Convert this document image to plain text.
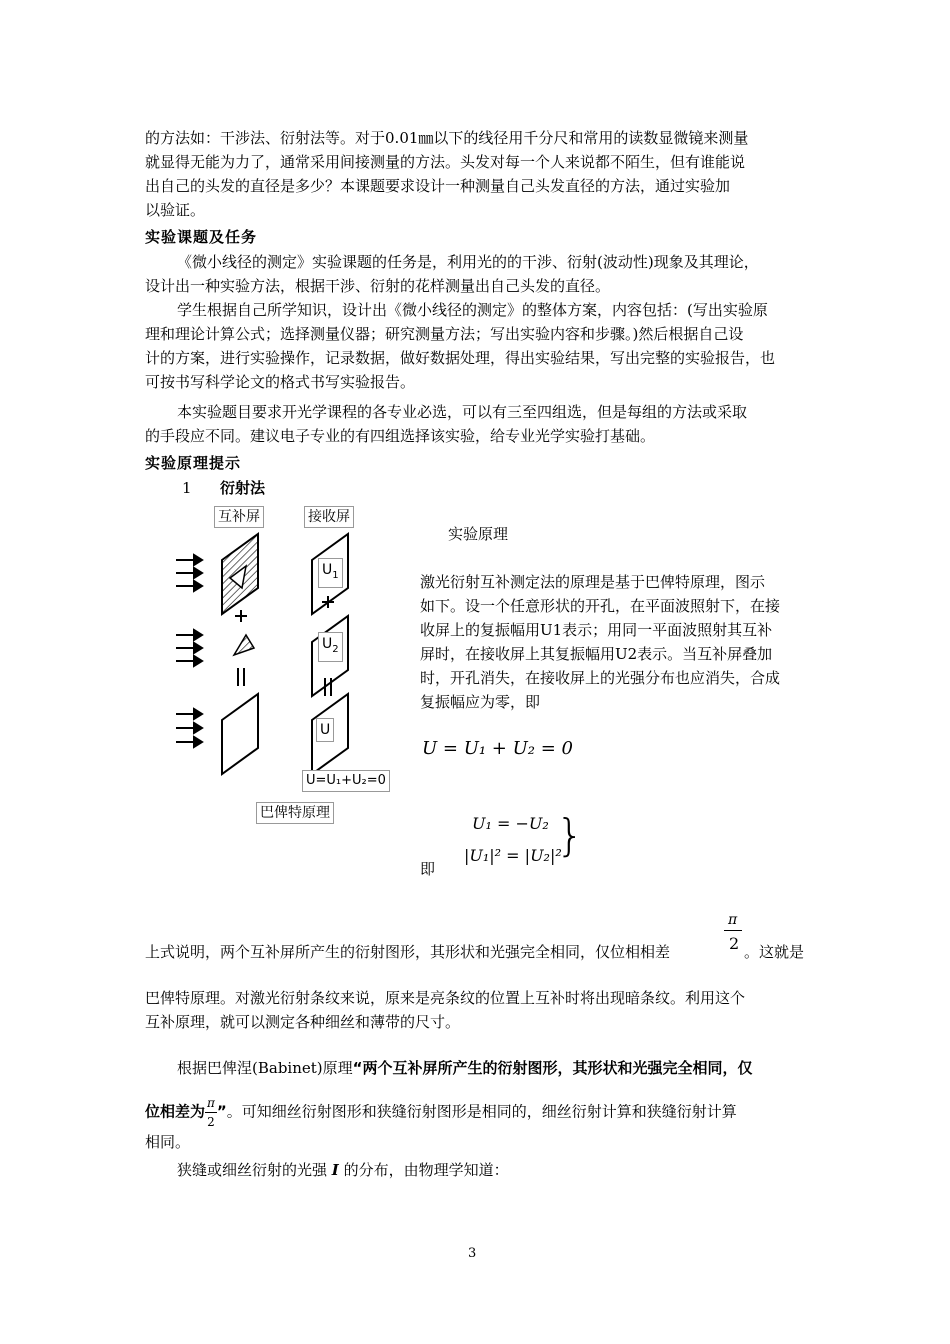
的方法如：干涉法、衍射法等。对于0.01㎜以下的线径用千分尺和常用的读数显微镜来测量
就显得无能为力了，通常采用间接测量的方法。头发对每一个人来说都不陌生，但有谁能说
出自己的头发的直径是多少？本课题要求设计一种测量自己头发直径的方法，通过实验加
以验证。
实验课题及任务
《微小线径的测定》实验课题的任务是，利用光的的干涉、衍射(波动性)现象及其理论，
设计出一种实验方法，根据干涉、衍射的花样测量出自己头发的直径。
学生根据自己所学知识，设计出《微小线径的测定》的整体方案，内容包括：(写出实验原
理和理论计算公式；选择测量仪器；研究测量方法；写出实验内容和步骤。)然后根据自己设
计的方案，进行实验操作，记录数据，做好数据处理，得出实验结果，写出完整的实验报告，也
可按书写科学论文的格式书写实验报告。
本实验题目要求开光学课程的各专业必选，可以有三至四组选，但是每组的方法或采取
的手段应不同。建议电子专业的有四组选择该实验，给专业光学实验打基础。
实验原理提示
1 衍射法
互补屏	接收屏
$U_1$
$U_2$
U
U=U₁+U₂=0
巴俾特原理
实验原理
激光衍射互补测定法的原理是基于巴俾特原理，图示
如下。设一个任意形状的开孔，在平面波照射下，在接
收屏上的复振幅用U1表示；用同一平面波照射其互补
屏时，在接收屏上其复振幅用U2表示。当互补屏叠加
时，开孔消失，在接收屏上的光强分布也应消失，合成
复振幅应为零，即
U = U₁ + U₂ = 0
U₁ = −U₂
|U₁|² = |U₂|²
}
即
π
2
上式说明，两个互补屏所产生的衍射图形，其形状和光强完全相同，仅位相相差	。这就是
巴俾特原理。对激光衍射条纹来说，原来是亮条纹的位置上互补时将出现暗条纹。利用这个
互补原理，就可以测定各种细丝和薄带的尺寸。
根据巴俾涅(Babinet)原理“两个互补屏所产生的衍射图形，其形状和光强完全相同，仅
位相差为 $\frac{\pi}{2}$ ”。可知细丝衍射图形和狭缝衍射图形是相同的，细丝衍射计算和狭缝衍射计算
相同。
狭缝或细丝衍射的光强 I 的分布，由物理学知道：
3
